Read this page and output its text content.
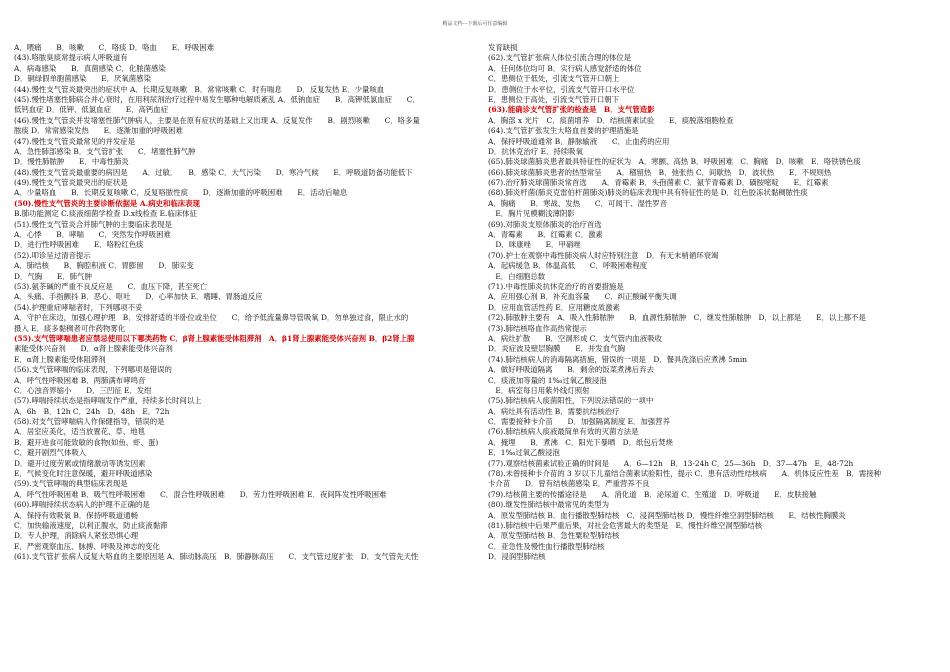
精品文档---下载后可任意编辑
A．喂痛　　B．咳嗽　　C．咯痰 D．咯血　　E．呼吸困难
(43).咯脓臭痰常提示病人呼吸道有
A．病毒感染　　B．真菌感染 C．化脓菌感染
D．铜绿假单胞菌感染　　E．厌氧菌感染
(44).慢性支气管炎最突出的症状中 A．长期反复咳嗽　B．常常咳嗽 C．时有喘息　　D．反复发热 E．少量咳血
(45).慢性堵塞性肺病合并心衰时，在用利尿剂治疗过程中易发生哪种电解质紊乱 A．低钠血症　　B．高钾低氯血症　　C．
低钙血症 D．低钾、低氯血症　　E．高钙血症
(46).慢性支气管炎并发堵塞性肺气肿病人，主要是在原有症状的基础上又出现 A．反复发作　　B．剧烈咳嗽　　C．咯多量
脓痰 D．常常感染发热　　E．逐渐加重的呼吸困难
(47).慢性支气管炎最常见的并发症是
A．急性肺部感染 B．支气管扩张　　C．堵塞性肺气肿
D．慢性肺脓肿　　E．中毒性肺炎
(48).慢性支气管炎最重要的病因是　　A．过敏．　　B．感染 C．大气污染　　D．寒冷气候　　E．呼吸道防备功能低下
(49).慢性支气管炎最突出的症状是
A．少量咯血　　B．长期反复咳嗽 C．反复咯脓性痰　　D．逐渐加重的呼吸困难　　E．活动后喘息
(50).慢性支气管炎的主要诊断依据是 A.病史和临床表现
B.肺功能测定 C.痰液细菌学检查 D.x线检查 E.临床体征
(51).慢性支气管炎合并肺气肿的主要临床表现是
A．心悸　　B．哮喘　　C．突然发作呼吸困难
D．进行性呼吸困难　　E．咯粉红色痰
(52).叩诊呈过清音提示
A．肺结核　　B．胸腔积液 C．胃膨留　　D．肺实变
D．气胸　　E．肺气肿
(53).氨茶碱的严重不良反应是　　C．血压下降，甚至死亡
A．头痛、手指颤抖 B．恶心、呕吐　　D．心率加快 E．嗜睡、胃肠道反应
(54).护理重症哮喘者时，下列哪项不妥
A．守护在床边，加强心理护理　B．安排舒适的半卧位或坐位　　C．给予低流量鼻导管吸氧 D．勿单独过食，限止水的
摄入 E．痰多黏稠者可作药物雾化
(55).支气管哮喘患者应禁忌使用以下哪类药物 C．β肾上腺素能受体阻滞剂　A．β1肾上腺素能受体兴奋剂 B．β2肾上腺
素能受体兴奋剂　　D．α肾上腺素能受体兴奋剂
E．α肾上腺素能受体阻滞剂
(56).支气管哮喘的临床表现，下列哪项是错误的
A．呼气性呼吸困难 B．两肺满布哮鸣音
C．心浊音界缩小　　D．三凹征 E．发绀
(57).哮喘持续状态是指哮喘发作严重，持续多长时间以上
A．6h　B．12h C．24h　D．48h　E．72h
(58).对支气管哮喘病人作保健指导，错误的是
A．居室应美化，适当放置花、草、地毯
B．避开进食可能致敏的食物(如鱼、虾、蛋)
C．避开剧烈气体吸入
D．避开过度劳累或情绪激动等诱发因素
E．气候变化时注意保暖，避开呼吸道感染
(59).支气管哮喘的典型临床表现是
A．呼气性呼吸困难 B．吸气性呼吸困难　　C．混合性呼吸困难　　D．劳力性呼吸困难 E．夜间阵发性呼吸困难
(60).哮喘持续状态病人的护理不正确的是
A．保持有效吸氧 B．保持呼吸道通畅
C．加快输液速度，以利正腹水，防止痰液黏滞
D．专人护理，消除病人紧张恐惧心理
E．严密观察血压、脉搏、呼吸及神志的变化
(61).支气管扩张病人反复大咯血的主要原因是 A．肺动脉高压　B．肺静脉高压　　C．支气管过度扩张　D．支气管先天性
发育缺损
(62).支气管扩张病人体位引流合理的体位是
A．任何体位均可 B．实行病人感觉舒适的体位
C．患侧位于低处，引流支气管开口朝上
D．患侧位于水平位，引流支气管开口水平位
E．患侧位于高处，引流支气管开口朝下
(63).能确诊支气管扩张的检查是　B．支气管造影
A．胸部 x 光片　C．痰菌增养　D．结核菌素试验　　E．痰脱落细胞检查
(64).支气管扩张发生大咯血首要的护理措施是
A．保持呼吸道通常 B．静脉输液　　C．止血药的应用
D．抗休克治疗 E．持续吸氧
(65).肺炎球菌肺炎患者最具特征性的症状为　A．寒颤、高热 B．呼吸困难　C．胸痛　D．咳嗽　E．咯铁锈色痰
(66).肺炎球菌肺炎患者的热型常呈　　A．稽留热　B．弛张热 C．间歇热　D．波状热　　E．不规则热
(67).治疗肺炎球菌肺炎常首选　　A．青霉素 B．头孢菌素 C．氨苄青霉素 D．磺胺嘧啶　　E．红霉素
(68).肺炎杆菌(肺炎克雷伯杆菌肺炎)肺炎的临床表现中具有特征性的是 D．红色胶冻状黏稠脓性痰
A．胸痛　　B．寒战、发热　　C．可闻干、湿性罗音
　E．胸片见模糊浅薄阴影
(69).对肺炎支原体肺炎的治疗首选
A．青霉素　　B．红霉素 C．激素
　D．咪康唑　　E．甲硝唑
(70).护士在观察中毒性肺炎病人时应特别注意　D．有无末梢循环衰竭
A．起病缓急 B．体温高低　　C．呼吸困难程度
　E．白细胞总数
(71).中毒性肺炎抗休克治疗的首要措施是
A．应用强心剂 B．补充血容量　　C．纠正酸碱平衡失调
D．应用血管活性药 E．应用糖皮质激素
(72).肺脓肿主要有　A．吸入性肺脓肿　　B．血源性肺脓肿　C．继发性肺脓肿　D．以上都是　　E．以上都不是
(73).肺结核咯血作高热常提示
A．病灶扩散　　B．空洞形成 C．支气管内血液吸收
D．炎症波及壁层胸膜　　E．并发血气胸
(74).肺结核病人的消毒隔离措施，错误的一项是　D．餐具洗涤后应煮沸 5min
A．做好呼吸道隔离　　B．剩余的饭菜煮沸后弃去
C．痰液加等量的 1‰过氧乙酸浸泡
　E．病室每日用紫外线灯照射
(75).肺结核病人痰菌阳性，下列说法错误的一项中
A．病灶具有活动性 B．需要抗结核治疗
C．需要接种卡介苗　　D．加强隔离制度 E．加强营养
(76).肺结核病人痰液最简单有效的灭菌方法是
A．掩埋　　B．煮沸　C．阳光下暴晒　D．纸包后焚烧
E．1‰过氧乙酸浸泡
(77).观察结核菌素试验正确的时间是　　A．6—12h　B．13-24h C．25—36h　D．37—47h　E．48-72h
(78).未曾接种卡介苗的 3 岁以下儿童结合菌素试验阳性，提示 C．患有活动性结核病　　A．机体反应性差　B．需接种
卡介苗　　D．曾有结核菌感染 E．严重营养不良
(79).结核菌主要的传播途径是　　A．消化道　B．泌尿道 C．生殖道　D．呼吸道　　E．皮肤接触
(80).继发性肺结核中最常见的类型为
A．原发型肺结核 B．血行播散型肺结核　C．浸润型肺结核 D．慢性纤维空洞型肺结核　　E．结核性胸膜炎
(81).肺结核中后果严重后果，对社会危害最大的类型是　E．慢性纤维空洞型肺结核
A．原发型肺结核 B．急性粟粒型肺结核
C．亚急性及慢性血行播散型肺结核
D．浸润型肺结核
